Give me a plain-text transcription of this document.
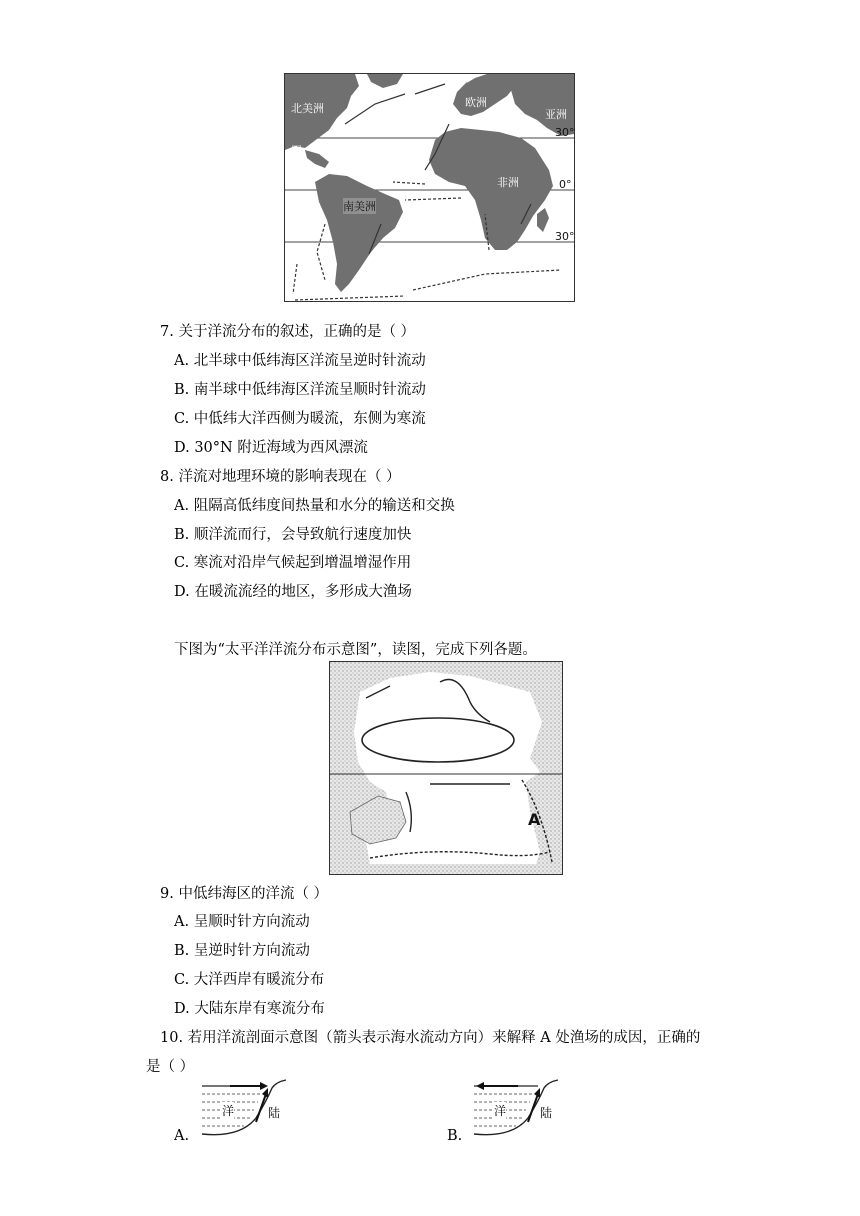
北美洲	欧洲
亚洲
甲
非洲
南美洲
30°
0°
30°
7. 关于洋流分布的叙述，正确的是（ ）
A. 北半球中低纬海区洋流呈逆时针流动
B. 南半球中低纬海区洋流呈顺时针流动
C. 中低纬大洋西侧为暖流，东侧为寒流
D. 30°N 附近海域为西风漂流
8. 洋流对地理环境的影响表现在（ ）
A. 阻隔高低纬度间热量和水分的输送和交换
B. 顺洋流而行，会导致航行速度加快
C. 寒流对沿岸气候起到增温增湿作用
D. 在暖流流经的地区，多形成大渔场
下图为“太平洋洋流分布示意图”，读图，完成下列各题。
A
9. 中低纬海区的洋流（ ）
A. 呈顺时针方向流动
B. 呈逆时针方向流动
C. 大洋西岸有暖流分布
D. 大陆东岸有寒流分布
10. 若用洋流剖面示意图（箭头表示海水流动方向）来解释 A 处渔场的成因，正确的
是（ ）
A.
洋	陆
B.
洋	陆
